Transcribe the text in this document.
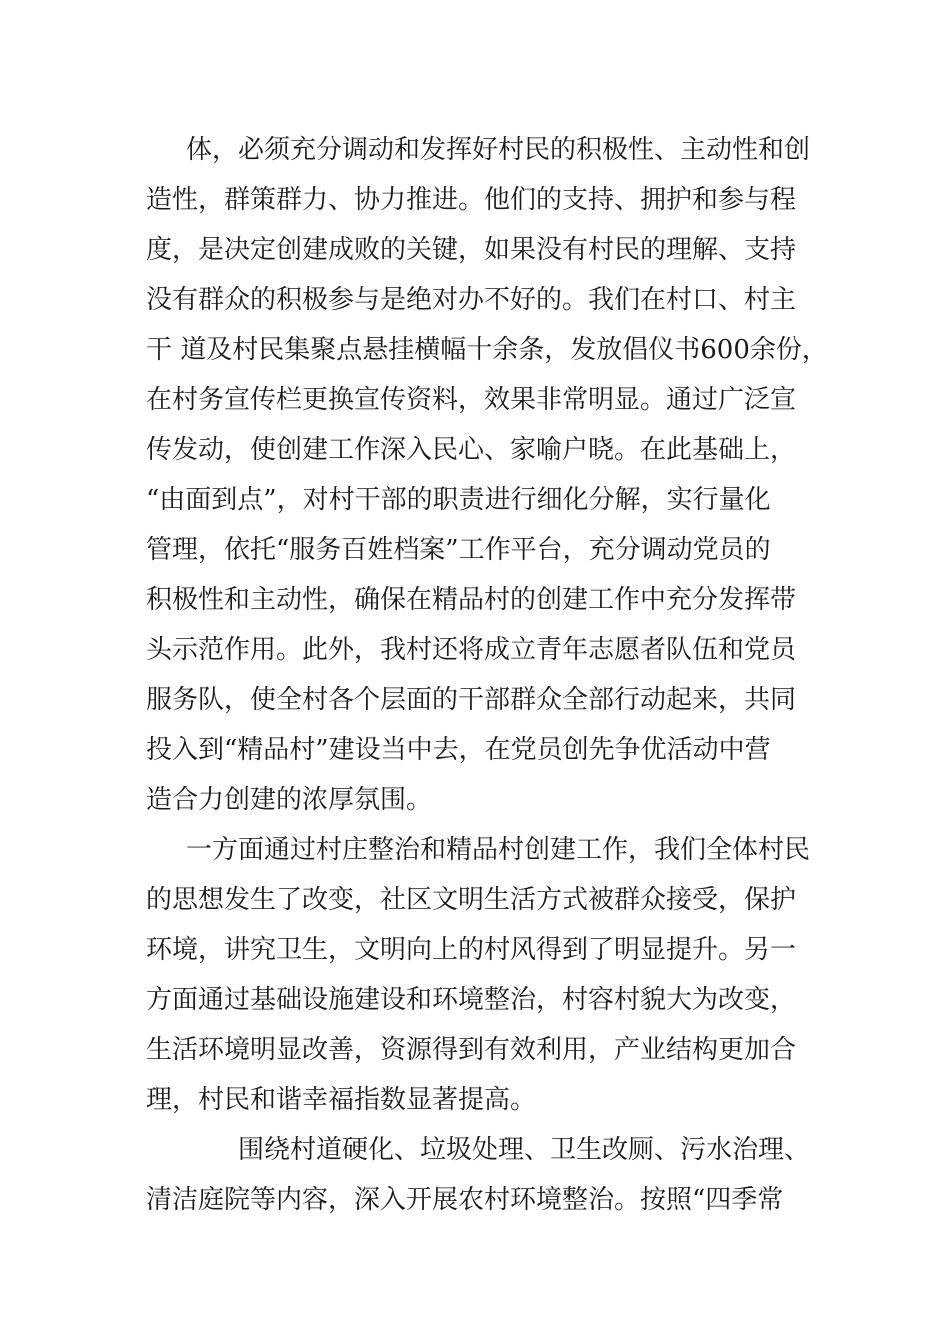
体，必须充分调动和发挥好村民的积极性、主动性和创
造性，群策群力、协力推进。他们的支持、拥护和参与程
度，是决定创建成败的关键，如果没有村民的理解、支持
没有群众的积极参与是绝对办不好的。我们在村口、村主
干 道及村民集聚点悬挂横幅十余条，发放倡仪书600余份，
在村务宣传栏更换宣传资料，效果非常明显。通过广泛宣
传发动，使创建工作深入民心、家喻户晓。在此基础上，
“由面到点”，对村干部的职责进行细化分解，实行量化
管理，依托“服务百姓档案”工作平台，充分调动党员的
积极性和主动性，确保在精品村的创建工作中充分发挥带
头示范作用。此外，我村还将成立青年志愿者队伍和党员
服务队，使全村各个层面的干部群众全部行动起来，共同
投入到“精品村”建设当中去，在党员创先争优活动中营
造合力创建的浓厚氛围。
一方面通过村庄整治和精品村创建工作，我们全体村民
的思想发生了改变，社区文明生活方式被群众接受，保护
环境，讲究卫生，文明向上的村风得到了明显提升。另一
方面通过基础设施建设和环境整治，村容村貌大为改变，
生活环境明显改善，资源得到有效利用，产业结构更加合
理，村民和谐幸福指数显著提高。
围绕村道硬化、垃圾处理、卫生改厕、污水治理、
清洁庭院等内容，深入开展农村环境整治。按照“四季常
